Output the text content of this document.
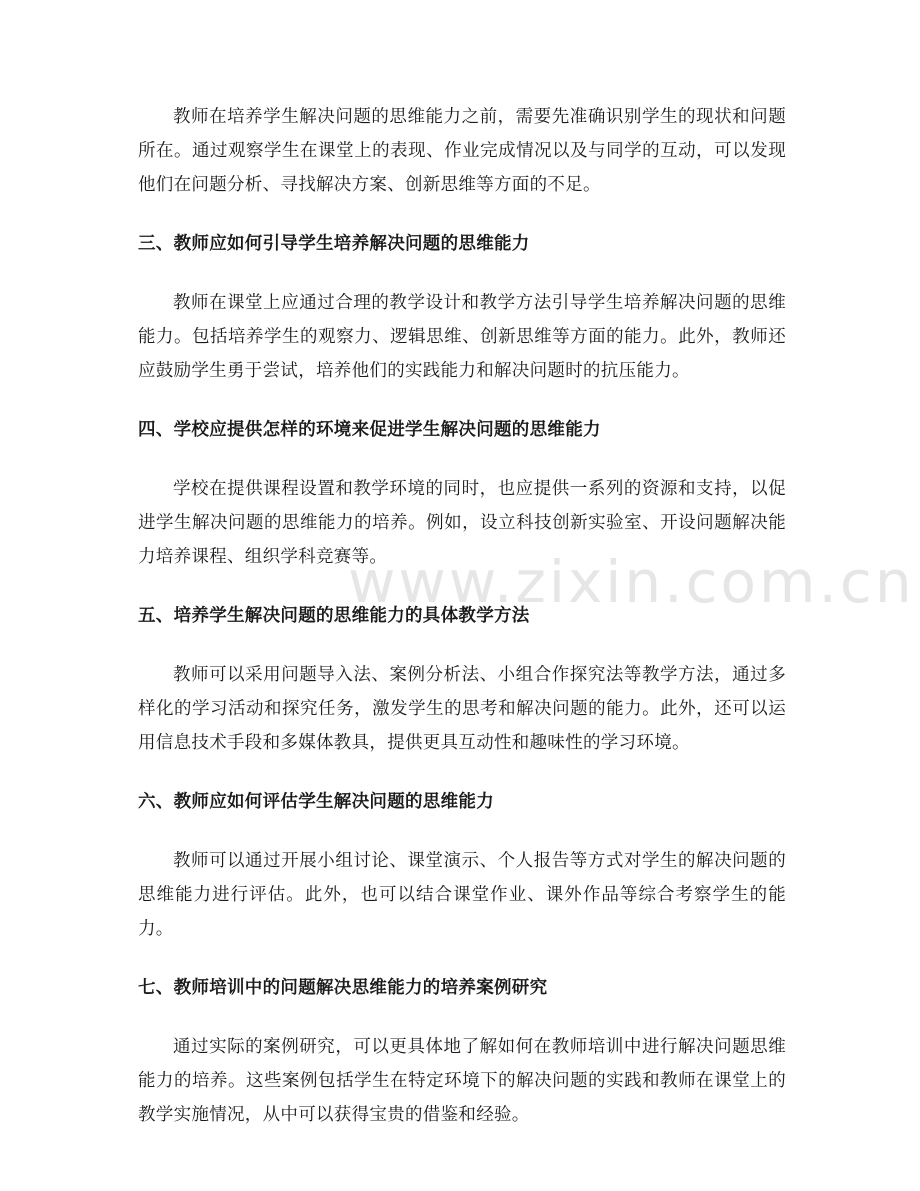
www.zixin.com.cn

教师在培养学生解决问题的思维能力之前，需要先准确识别学生的现状和问题所在。通过观察学生在课堂上的表现、作业完成情况以及与同学的互动，可以发现他们在问题分析、寻找解决方案、创新思维等方面的不足。

三、教师应如何引导学生培养解决问题的思维能力

教师在课堂上应通过合理的教学设计和教学方法引导学生培养解决问题的思维能力。包括培养学生的观察力、逻辑思维、创新思维等方面的能力。此外，教师还应鼓励学生勇于尝试，培养他们的实践能力和解决问题时的抗压能力。

四、学校应提供怎样的环境来促进学生解决问题的思维能力

学校在提供课程设置和教学环境的同时，也应提供一系列的资源和支持，以促进学生解决问题的思维能力的培养。例如，设立科技创新实验室、开设问题解决能力培养课程、组织学科竞赛等。

五、培养学生解决问题的思维能力的具体教学方法

教师可以采用问题导入法、案例分析法、小组合作探究法等教学方法，通过多样化的学习活动和探究任务，激发学生的思考和解决问题的能力。此外，还可以运用信息技术手段和多媒体教具，提供更具互动性和趣味性的学习环境。

六、教师应如何评估学生解决问题的思维能力

教师可以通过开展小组讨论、课堂演示、个人报告等方式对学生的解决问题的思维能力进行评估。此外，也可以结合课堂作业、课外作品等综合考察学生的能力。

七、教师培训中的问题解决思维能力的培养案例研究

通过实际的案例研究，可以更具体地了解如何在教师培训中进行解决问题思维能力的培养。这些案例包括学生在特定环境下的解决问题的实践和教师在课堂上的教学实施情况，从中可以获得宝贵的借鉴和经验。
